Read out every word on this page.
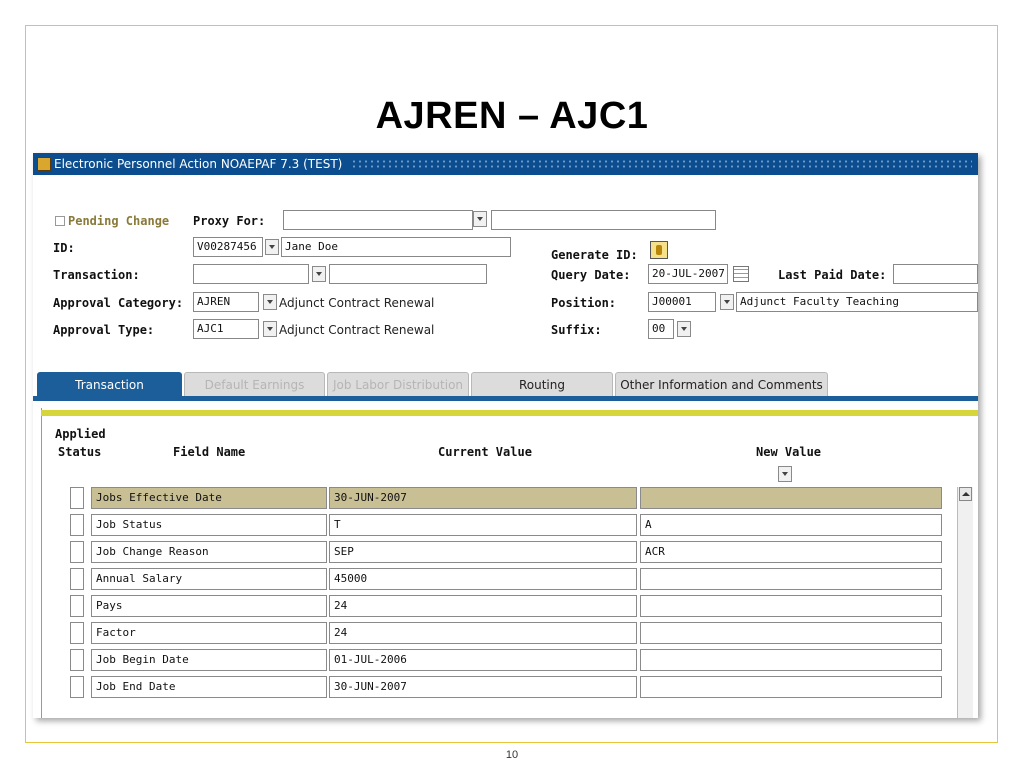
AJREN – AJC1
Electronic Personnel Action NOAEPAF 7.3 (TEST)
Pending Change Proxy For:
ID:	V00287456	Jane Doe
Generate ID:
Transaction:	Query Date:	20-JUL-2007	Last Paid Date:
Approval Category:	AJREN	Adjunct Contract Renewal	Position:	J00001	Adjunct Faculty Teaching
Approval Type:	AJC1	Adjunct Contract Renewal	Suffix:	00
Transaction	Default Earnings	Job Labor Distribution	Routing	Other Information and Comments
Applied
Status	Field Name	Current Value	New Value
Jobs Effective Date	30-JUN-2007
Job Status	T	A
Job Change Reason	SEP	ACR
Annual Salary	45000
Pays	24
Factor	24
Job Begin Date	01-JUL-2006
Job End Date	30-JUN-2007
10
